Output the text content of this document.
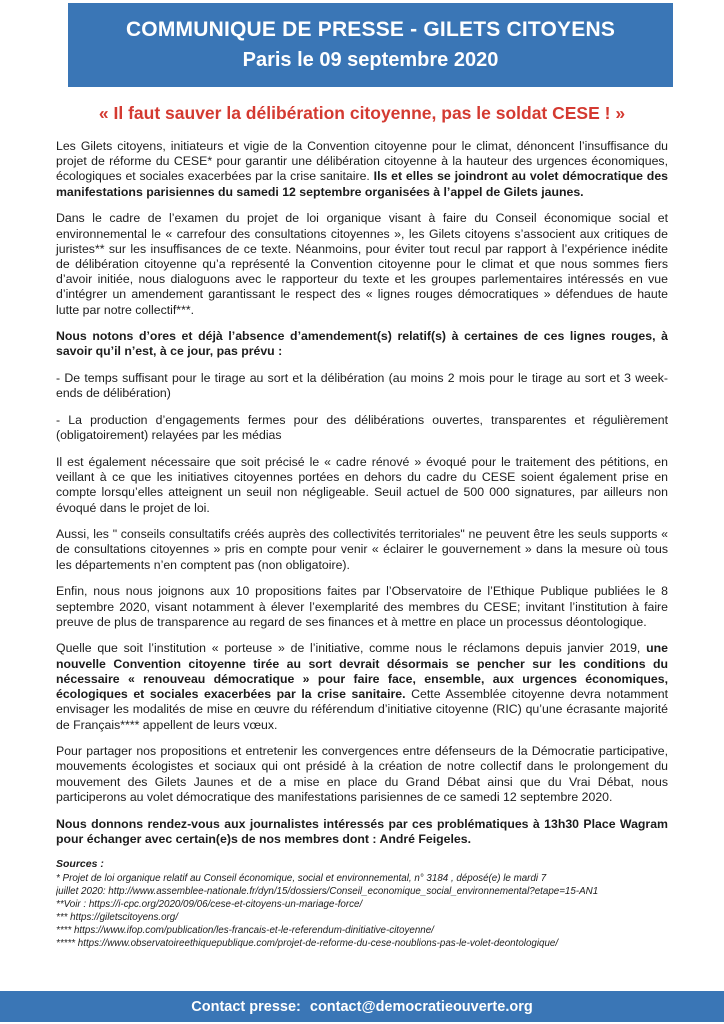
COMMUNIQUE DE PRESSE - GILETS CITOYENS
Paris le 09 septembre 2020
« Il faut sauver la délibération citoyenne, pas le soldat CESE ! »

Les Gilets citoyens, initiateurs et vigie de la Convention citoyenne pour le climat, dénoncent l’insuffisance du projet de réforme du CESE* pour garantir une délibération citoyenne à la hauteur des urgences économiques, écologiques et sociales exacerbées par la crise sanitaire. Ils et elles se joindront au volet démocratique des manifestations parisiennes du samedi 12 septembre organisées à l’appel de Gilets jaunes.

Dans le cadre de l’examen du projet de loi organique visant à faire du Conseil économique social et environnemental le « carrefour des consultations citoyennes », les Gilets citoyens s’associent aux critiques de juristes** sur les insuffisances de ce texte. Néanmoins, pour éviter tout recul par rapport à l’expérience inédite de délibération citoyenne qu’a représenté la Convention citoyenne pour le climat et que nous sommes fiers d’avoir initiée, nous dialoguons avec le rapporteur du texte et les groupes parlementaires intéressés en vue d’intégrer un amendement garantissant le respect des « lignes rouges démocratiques » défendues de haute lutte par notre collectif***.

Nous notons d’ores et déjà l’absence d’amendement(s) relatif(s) à certaines de ces lignes rouges, à savoir qu’il n’est, à ce jour, pas prévu :

- De temps suffisant pour le tirage au sort et la délibération (au moins 2 mois pour le tirage au sort et 3 week-ends de délibération)

- La production d’engagements fermes pour des délibérations ouvertes, transparentes et régulièrement (obligatoirement) relayées par les médias

Il est également nécessaire que soit précisé le « cadre rénové » évoqué pour le traitement des pétitions, en veillant à ce que les initiatives citoyennes portées en dehors du cadre du CESE soient également prise en compte lorsqu’elles atteignent un seuil non négligeable. Seuil actuel de 500 000 signatures, par ailleurs non évoqué dans le projet de loi.

Aussi, les " conseils consultatifs créés auprès des collectivités territoriales" ne peuvent être les seuls supports « de consultations citoyennes » pris en compte pour venir « éclairer le gouvernement » dans la mesure où tous les départements n’en comptent pas (non obligatoire).

Enfin, nous nous joignons aux 10 propositions faites par l’Observatoire de l’Ethique Publique publiées le 8 septembre 2020, visant notamment à élever l’exemplarité des membres du CESE; invitant l’institution à faire preuve de plus de transparence au regard de ses finances et à mettre en place un processus déontologique.

Quelle que soit l’institution « porteuse » de l’initiative, comme nous le réclamons depuis janvier 2019, une nouvelle Convention citoyenne tirée au sort devrait désormais se pencher sur les conditions du nécessaire « renouveau démocratique » pour faire face, ensemble, aux urgences économiques, écologiques et sociales exacerbées par la crise sanitaire. Cette Assemblée citoyenne devra notamment envisager les modalités de mise en œuvre du référendum d’initiative citoyenne (RIC) qu’une écrasante majorité de Français**** appellent de leurs vœux.

Pour partager nos propositions et entretenir les convergences entre défenseurs de la Démocratie participative, mouvements écologistes et sociaux qui ont présidé à la création de notre collectif dans le prolongement du mouvement des Gilets Jaunes et de a mise en place du Grand Débat ainsi que du Vrai Débat, nous participerons au volet démocratique des manifestations parisiennes de ce samedi 12 septembre 2020.

Nous donnons rendez-vous aux journalistes intéressés par ces problématiques à 13h30 Place Wagram pour échanger avec certain(e)s de nos membres dont : André Feigeles.

Sources :
* Projet de loi organique relatif au Conseil économique, social et environnemental, n° 3184 , déposé(e) le mardi 7
juillet 2020: http://www.assemblee-nationale.fr/dyn/15/dossiers/Conseil_economique_social_environnemental?etape=15-AN1
**Voir : https://i-cpc.org/2020/09/06/cese-et-citoyens-un-mariage-force/
*** https://giletscitoyens.org/
**** https://www.ifop.com/publication/les-francais-et-le-referendum-dinitiative-citoyenne/
***** https://www.observatoireethiquepublique.com/projet-de-reforme-du-cese-noublions-pas-le-volet-deontologique/
Contact presse: contact@democratieouverte.org
